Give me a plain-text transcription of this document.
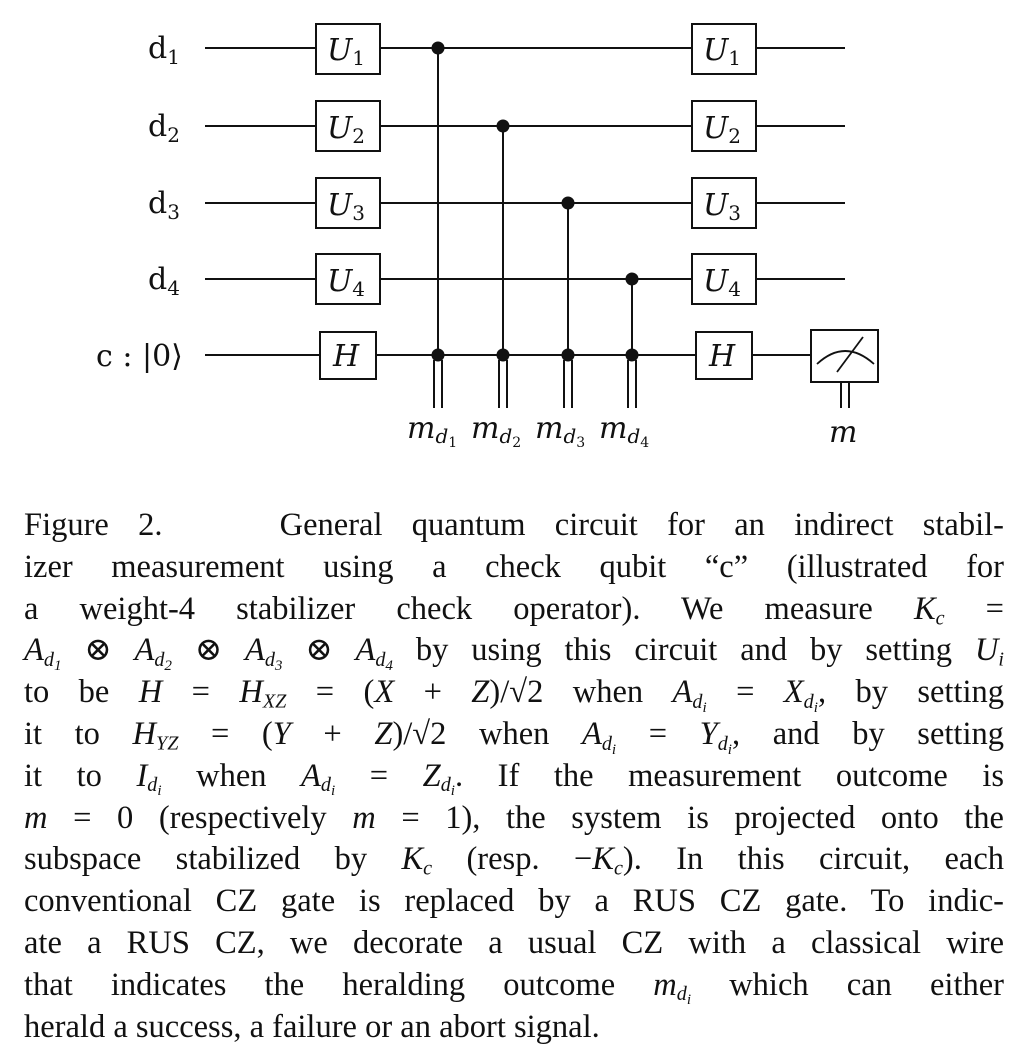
$d_1$
$d_2$
$d_3$
$d_4$
c : |0⟩
U1
U2
U3
U4
H
U1
U2
U3
U4
H
md1 md2 md3 md4	m
Figure 2.	General quantum circuit for an indirect stabil-
izer measurement using a check qubit “c” (illustrated for
a weight-4 stabilizer check operator). We measure $K_c$ =
$A_{d_1}$ ⊗ $A_{d_2}$ ⊗ $A_{d_3}$ ⊗ $A_{d_4}$ by using this circuit and by setting $U_i$
to be $H = H_{XZ} = (X + Z)/√2$ when $A_{d_i} = X_{d_i}$, by setting
it to $H_{YZ} = (Y + Z)/√2$ when $A_{d_i} = Y_{d_i}$, and by setting
it to $I_{d_i}$ when $A_{d_i} = Z_{d_i}$. If the measurement outcome is
m = 0 (respectively m = 1), the system is projected onto the
subspace stabilized by $K_c$ (resp. $-K_c$). In this circuit, each
conventional CZ gate is replaced by a RUS CZ gate. To indic-
ate a RUS CZ, we decorate a usual CZ with a classical wire
that indicates the heralding outcome $m_{d_i}$ which can either
herald a success, a failure or an abort signal.
